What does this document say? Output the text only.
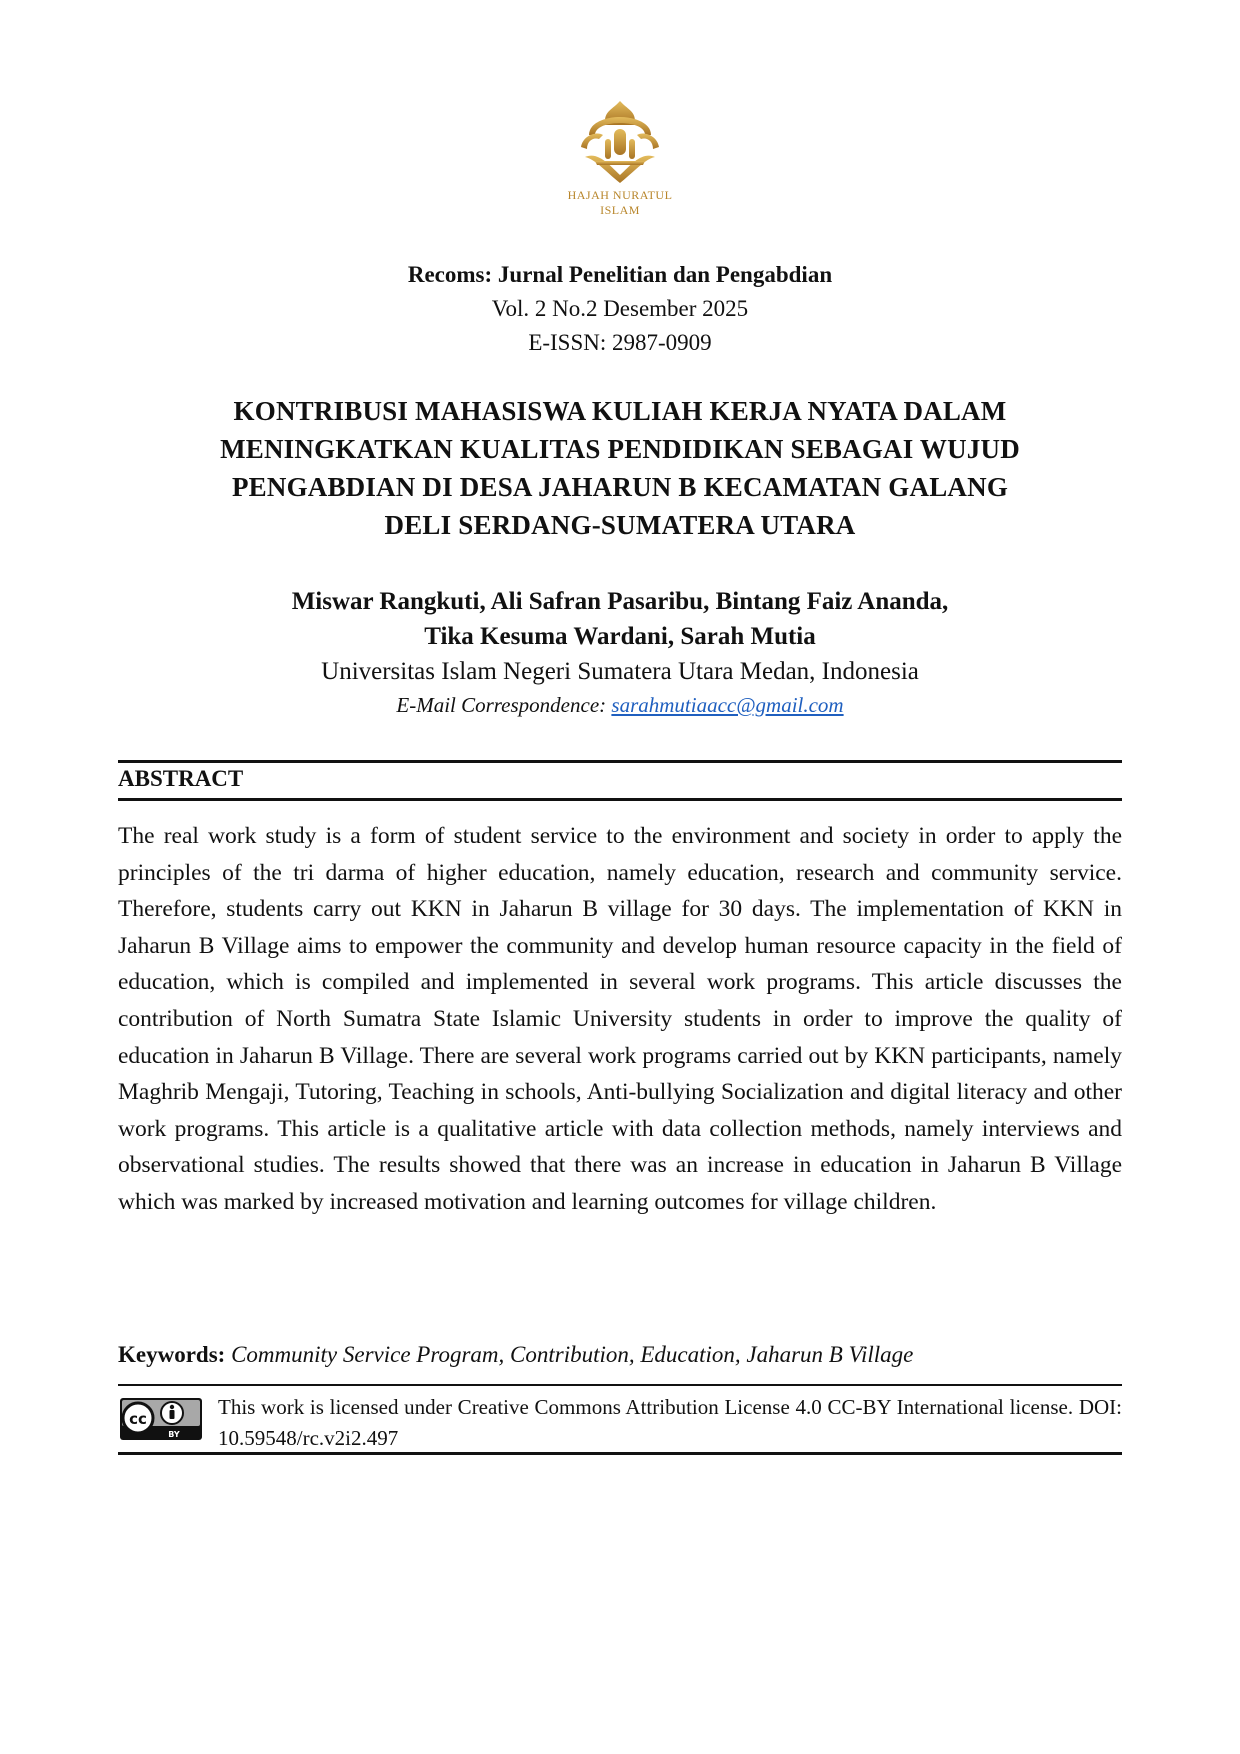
HAJAH NURATUL
ISLAM
Recoms: Jurnal Penelitian dan Pengabdian
Vol. 2 No.2 Desember 2025
E-ISSN: 2987-0909
KONTRIBUSI MAHASISWA KULIAH KERJA NYATA DALAM
MENINGKATKAN KUALITAS PENDIDIKAN SEBAGAI WUJUD
PENGABDIAN DI DESA JAHARUN B KECAMATAN GALANG
DELI SERDANG-SUMATERA UTARA
Miswar Rangkuti, Ali Safran Pasaribu, Bintang Faiz Ananda,
Tika Kesuma Wardani, Sarah Mutia
Universitas Islam Negeri Sumatera Utara Medan, Indonesia
E-Mail Correspondence: sarahmutiaacc@gmail.com
ABSTRACT

The real work study is a form of student service to the environment and society in order to apply the principles of the tri darma of higher education, namely education, research and community service. Therefore, students carry out KKN in Jaharun B village for 30 days. The implementation of KKN in Jaharun B Village aims to empower the community and develop human resource capacity in the field of education, which is compiled and implemented in several work programs. This article discusses the contribution of North Sumatra State Islamic University students in order to improve the quality of education in Jaharun B Village. There are several work programs carried out by KKN participants, namely Maghrib Mengaji, Tutoring, Teaching in schools, Anti-bullying Socialization and digital literacy and other work programs. This article is a qualitative article with data collection methods, namely interviews and observational studies. The results showed that there was an increase in education in Jaharun B Village which was marked by increased motivation and learning outcomes for village children.

Keywords: Community Service Program, Contribution, Education, Jaharun B Village
cc
BY
This work is licensed under Creative Commons Attribution License 4.0 CC-BY International license. DOI: 10.59548/rc.v2i2.497
